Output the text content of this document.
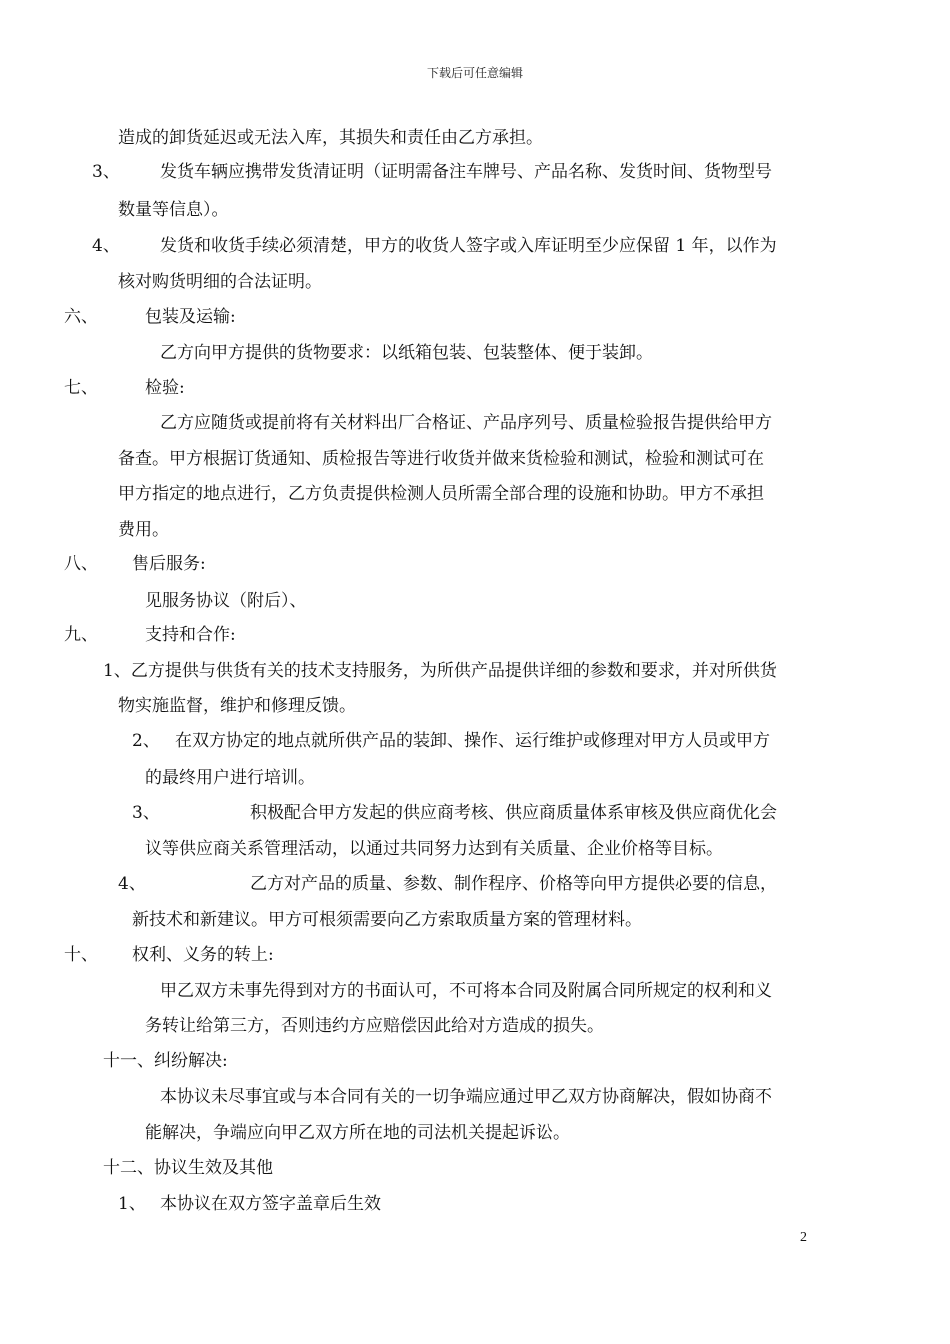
下载后可任意编辑
造成的卸货延迟或无法入库，其损失和责任由乙方承担。
3、 发货车辆应携带发货清证明（证明需备注车牌号、产品名称、发货时间、货物型号
数量等信息）。
4、 发货和收货手续必须清楚，甲方的收货人签字或入库证明至少应保留 1 年，以作为
核对购货明细的合法证明。
六、	包装及运输:
乙方向甲方提供的货物要求：以纸箱包装、包装整体、便于装卸。
七、	检验:
乙方应随货或提前将有关材料出厂合格证、产品序列号、质量检验报告提供给甲方
备查。甲方根据订货通知、质检报告等进行收货并做来货检验和测试，检验和测试可在
甲方指定的地点进行，乙方负责提供检测人员所需全部合理的设施和协助。甲方不承担
费用。
八、 售后服务:
见服务协议（附后）、
九、	支持和合作:
1、乙方提供与供货有关的技术支持服务，为所供产品提供详细的参数和要求，并对所供货
物实施监督，维护和修理反馈。
2、 在双方协定的地点就所供产品的装卸、操作、运行维护或修理对甲方人员或甲方
的最终用户进行培训。
3、	积极配合甲方发起的供应商考核、供应商质量体系审核及供应商优化会
议等供应商关系管理活动，以通过共同努力达到有关质量、企业价格等目标。
4、	乙方对产品的质量、参数、制作程序、价格等向甲方提供必要的信息，
新技术和新建议。甲方可根须需要向乙方索取质量方案的管理材料。
十、 权利、义务的转上:
甲乙双方未事先得到对方的书面认可，不可将本合同及附属合同所规定的权利和义
务转让给第三方，否则违约方应赔偿因此给对方造成的损失。
十一、纠纷解决:
本协议未尽事宜或与本合同有关的一切争端应通过甲乙双方协商解决，假如协商不
能解决，争端应向甲乙双方所在地的司法机关提起诉讼。
十二、协议生效及其他
1、 本协议在双方签字盖章后生效
2
